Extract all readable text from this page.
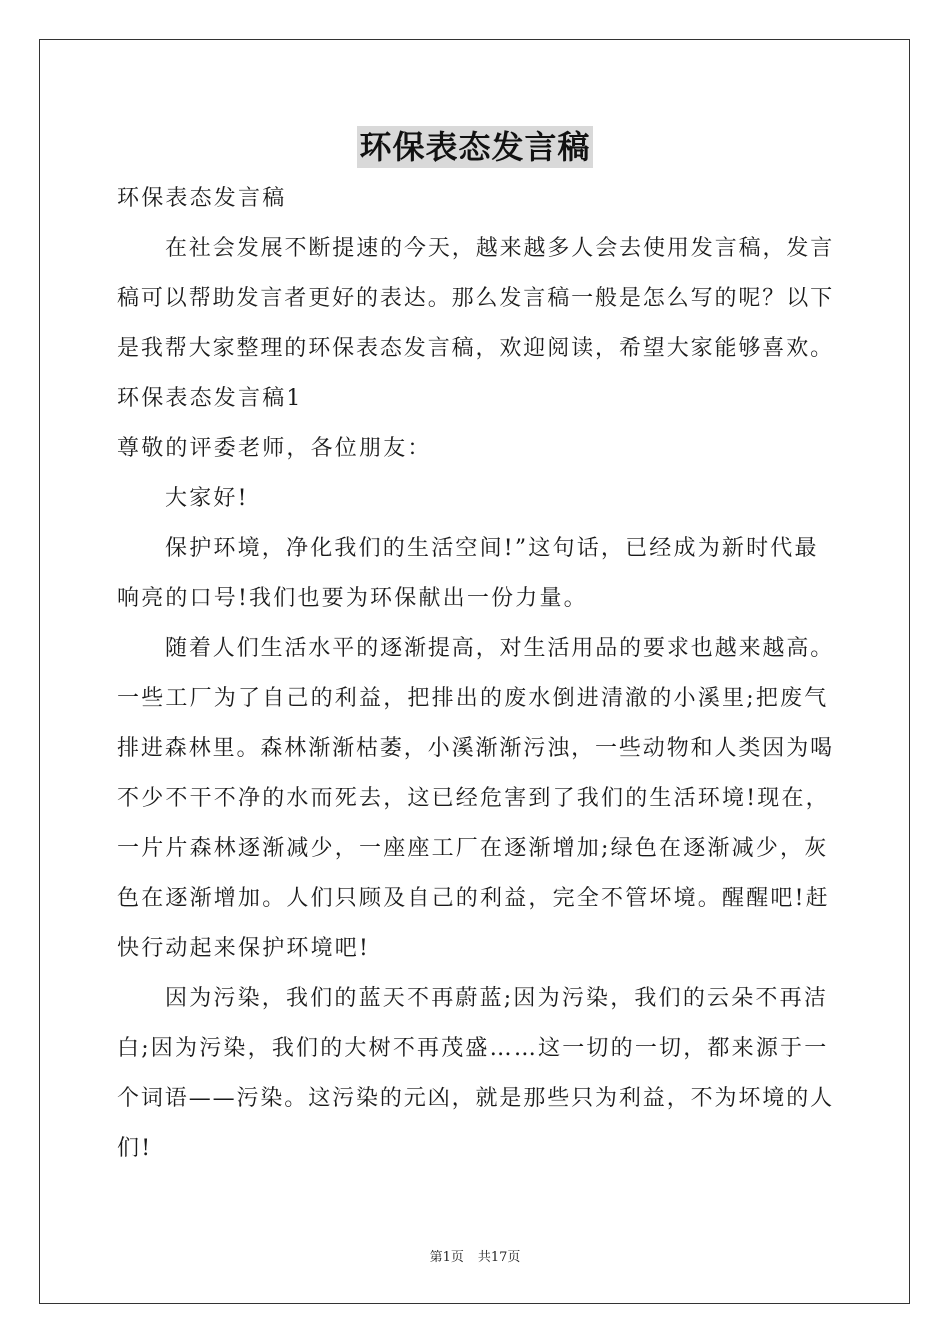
环保表态发言稿

环保表态发言稿

在社会发展不断提速的今天，越来越多人会去使用发言稿，发言

稿可以帮助发言者更好的表达。那么发言稿一般是怎么写的呢？以下

是我帮大家整理的环保表态发言稿，欢迎阅读，希望大家能够喜欢。

环保表态发言稿1

尊敬的评委老师，各位朋友：

大家好!

保护环境，净化我们的生活空间!”这句话，已经成为新时代最

响亮的口号!我们也要为环保献出一份力量。

随着人们生活水平的逐渐提高，对生活用品的要求也越来越高。

一些工厂为了自己的利益，把排出的废水倒进清澈的小溪里;把废气

排进森林里。森林渐渐枯萎，小溪渐渐污浊，一些动物和人类因为喝

不少不干不净的水而死去，这已经危害到了我们的生活环境!现在，

一片片森林逐渐减少，一座座工厂在逐渐增加;绿色在逐渐减少，灰

色在逐渐增加。人们只顾及自己的利益，完全不管坏境。醒醒吧!赶

快行动起来保护环境吧!

因为污染，我们的蓝天不再蔚蓝;因为污染，我们的云朵不再洁

白;因为污染，我们的大树不再茂盛……这一切的一切，都来源于一

个词语——污染。这污染的元凶，就是那些只为利益，不为坏境的人

们!

第1页 共17页
